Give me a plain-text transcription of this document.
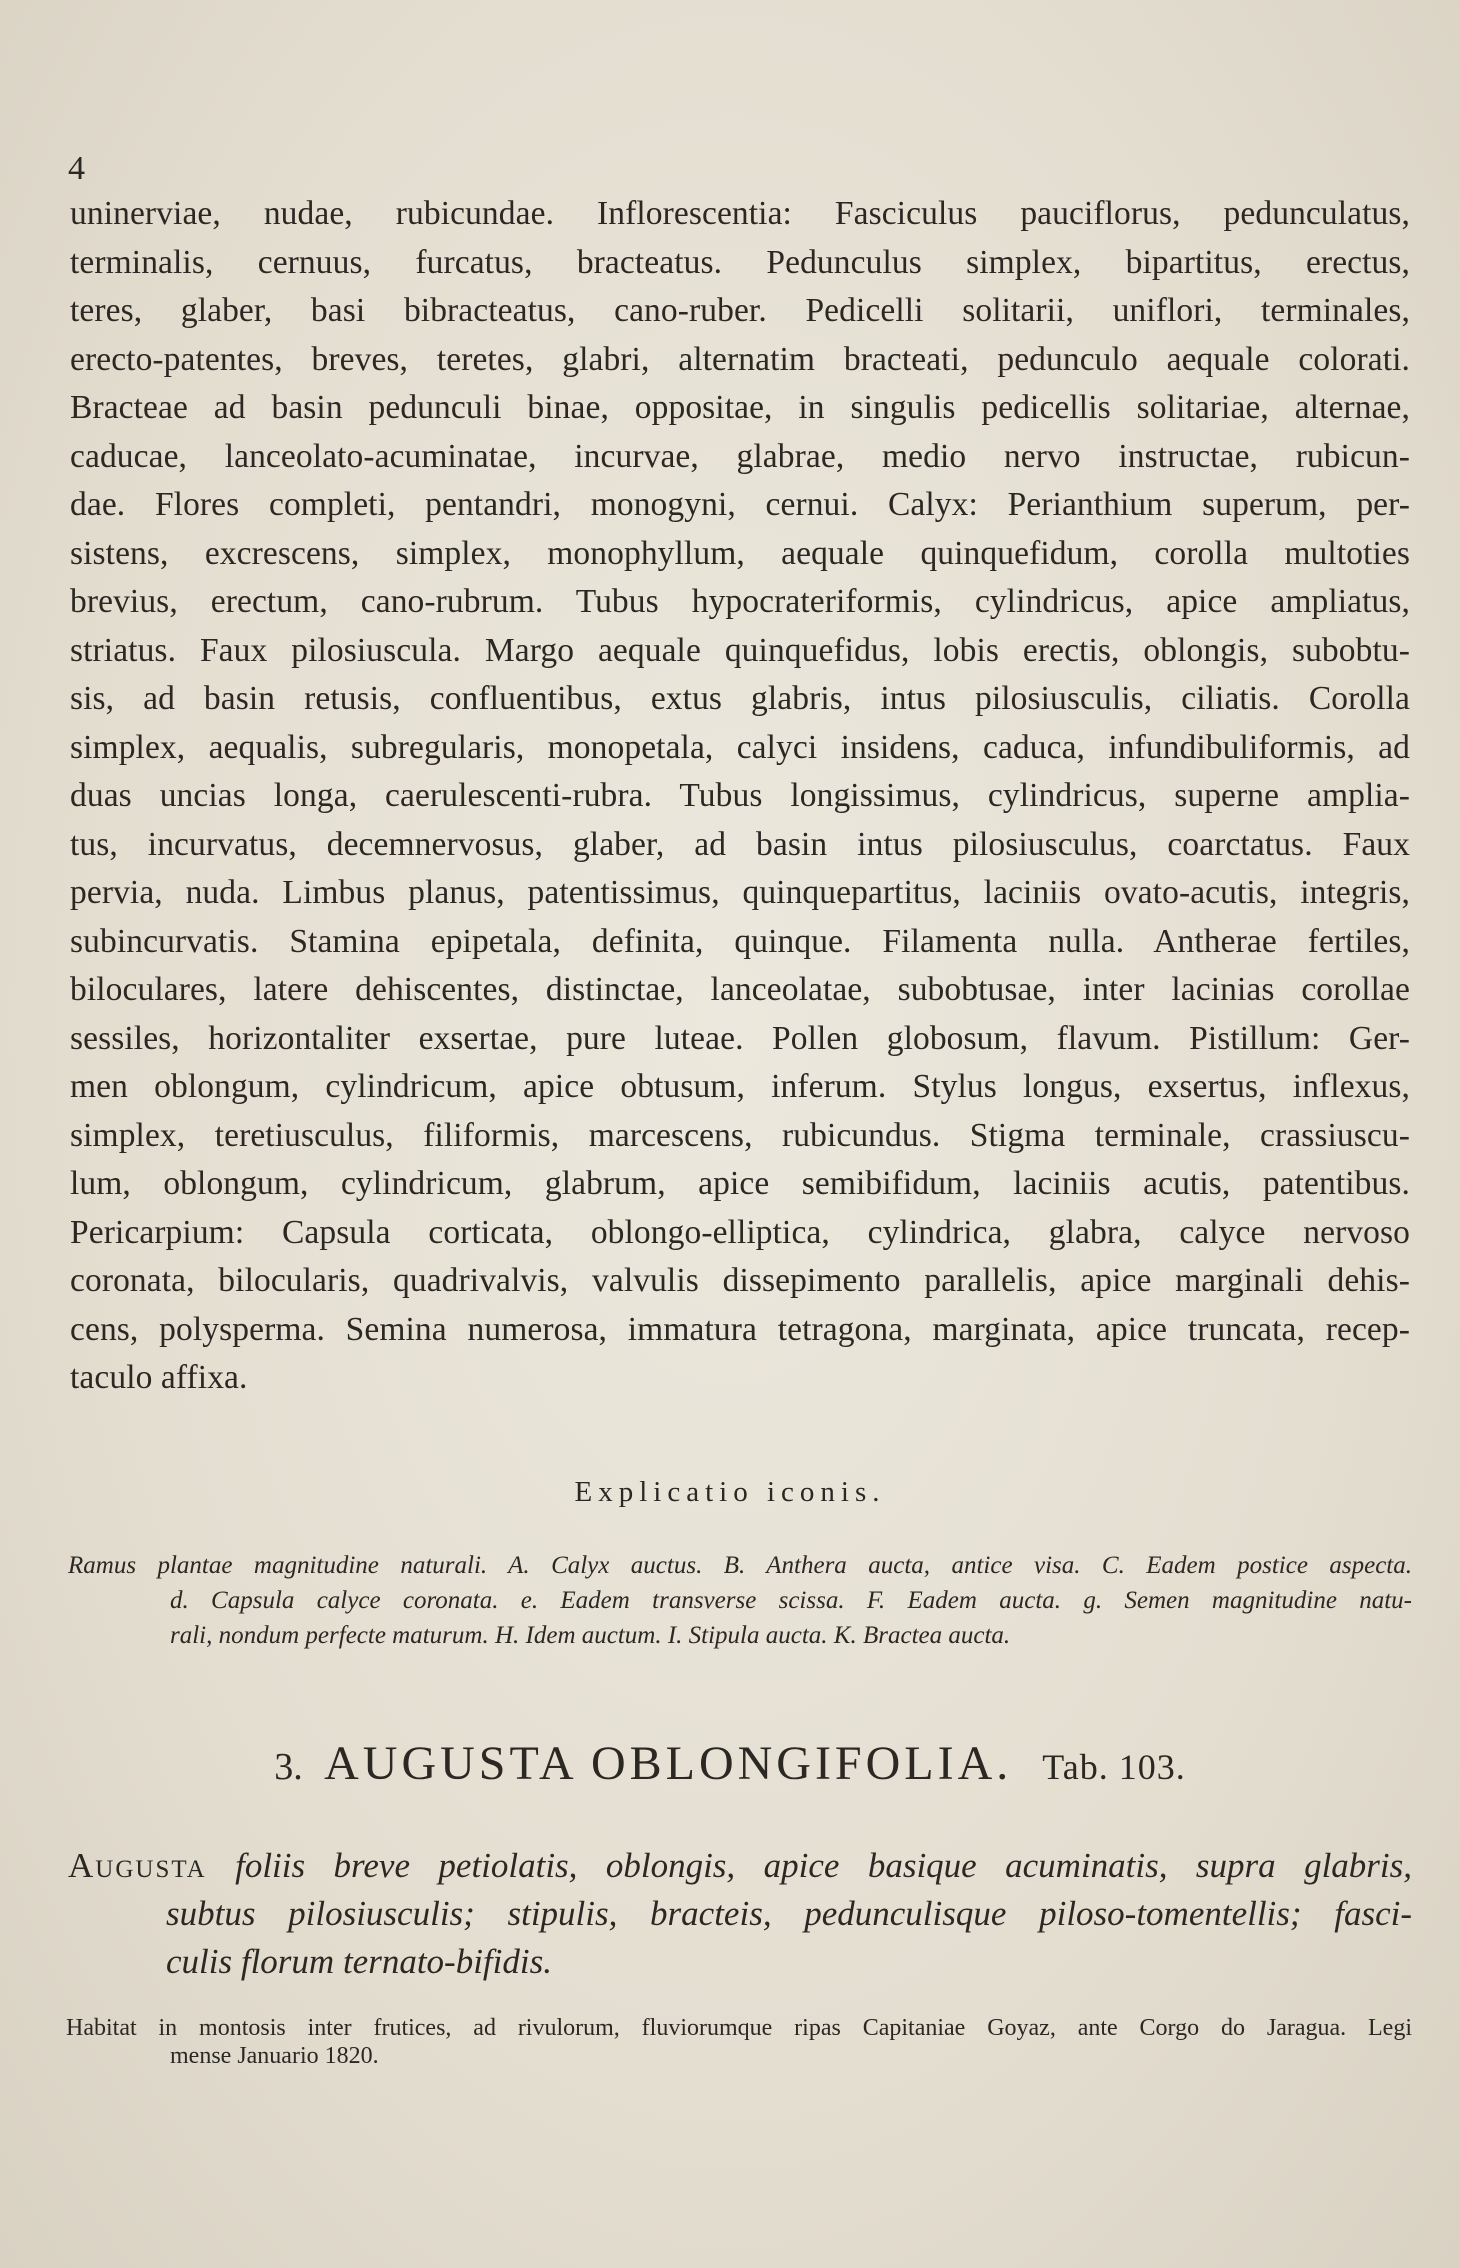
4
uninerviae, nudae, rubicundae. Inflorescentia: Fasciculus pauciflorus, pedunculatus,
terminalis, cernuus, furcatus, bracteatus. Pedunculus simplex, bipartitus, erectus,
teres, glaber, basi bibracteatus, cano-ruber. Pedicelli solitarii, uniflori, terminales,
erecto-patentes, breves, teretes, glabri, alternatim bracteati, pedunculo aequale colorati.
Bracteae ad basin pedunculi binae, oppositae, in singulis pedicellis solitariae, alternae,
caducae, lanceolato-acuminatae, incurvae, glabrae, medio nervo instructae, rubicun-
dae. Flores completi, pentandri, monogyni, cernui. Calyx: Perianthium superum, per-
sistens, excrescens, simplex, monophyllum, aequale quinquefidum, corolla multoties
brevius, erectum, cano-rubrum. Tubus hypocrateriformis, cylindricus, apice ampliatus,
striatus. Faux pilosiuscula. Margo aequale quinquefidus, lobis erectis, oblongis, subobtu-
sis, ad basin retusis, confluentibus, extus glabris, intus pilosiusculis, ciliatis. Corolla
simplex, aequalis, subregularis, monopetala, calyci insidens, caduca, infundibuliformis, ad
duas uncias longa, caerulescenti-rubra. Tubus longissimus, cylindricus, superne amplia-
tus, incurvatus, decemnervosus, glaber, ad basin intus pilosiusculus, coarctatus. Faux
pervia, nuda. Limbus planus, patentissimus, quinquepartitus, laciniis ovato-acutis, integris,
subincurvatis. Stamina epipetala, definita, quinque. Filamenta nulla. Antherae fertiles,
biloculares, latere dehiscentes, distinctae, lanceolatae, subobtusae, inter lacinias corollae
sessiles, horizontaliter exsertae, pure luteae. Pollen globosum, flavum. Pistillum: Ger-
men oblongum, cylindricum, apice obtusum, inferum. Stylus longus, exsertus, inflexus,
simplex, teretiusculus, filiformis, marcescens, rubicundus. Stigma terminale, crassiuscu-
lum, oblongum, cylindricum, glabrum, apice semibifidum, laciniis acutis, patentibus.
Pericarpium: Capsula corticata, oblongo-elliptica, cylindrica, glabra, calyce nervoso
coronata, bilocularis, quadrivalvis, valvulis dissepimento parallelis, apice marginali dehis-
cens, polysperma. Semina numerosa, immatura tetragona, marginata, apice truncata, recep-
taculo affixa.
Explicatio iconis.
Ramus plantae magnitudine naturali. A. Calyx auctus. B. Anthera aucta, antice visa. C. Eadem postice aspecta.
d. Capsula calyce coronata. e. Eadem transverse scissa. F. Eadem aucta. g. Semen magnitudine natu-
rali, nondum perfecte maturum. H. Idem auctum. I. Stipula aucta. K. Bractea aucta.
3. AUGUSTA OBLONGIFOLIA. Tab. 103.
Augusta foliis breve petiolatis, oblongis, apice basique acuminatis, supra glabris,
subtus pilosiusculis; stipulis, bracteis, pedunculisque piloso-tomentellis; fasci-
culis florum ternato-bifidis.
Habitat in montosis inter frutices, ad rivulorum, fluviorumque ripas Capitaniae Goyaz, ante Corgo do Jaragua. Legi
mense Januario 1820.
